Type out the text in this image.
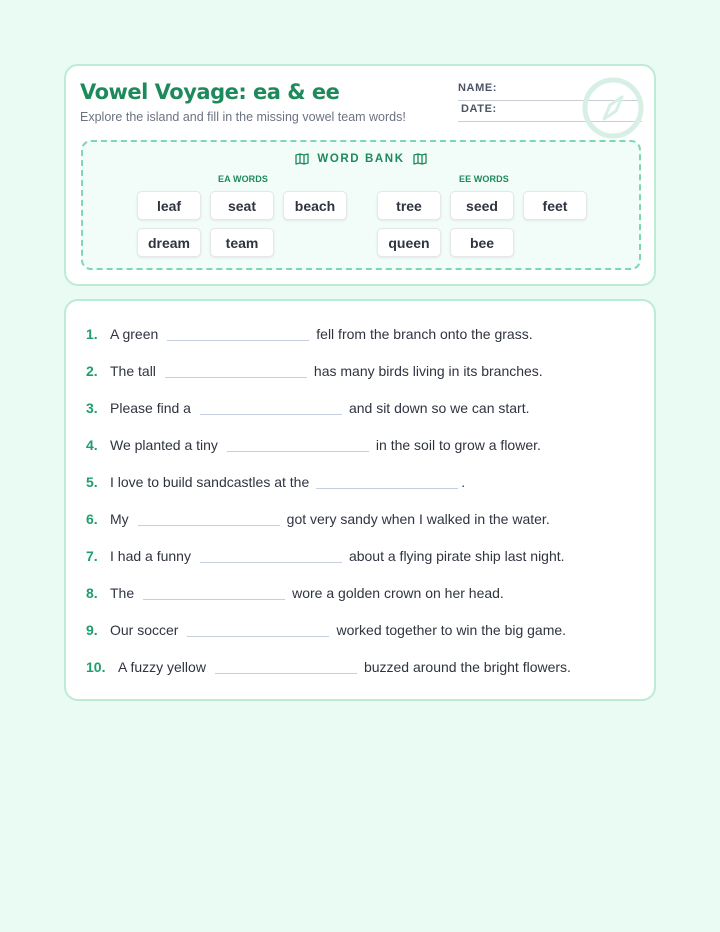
Vowel Voyage: ea & ee
Explore the island and fill in the missing vowel team words!
NAME:
DATE:
WORD BANK
EA WORDS	EE WORDS
leaf	seat	beach
dream	team
tree	seed	feet
queen	bee
1. A green	fell from the branch onto the grass.
2. The tall	has many birds living in its branches.
3. Please find a	and sit down so we can start.
4. We planted a tiny	in the soil to grow a flower.
5. I love to build sandcastles at the	.
6. My	got very sandy when I walked in the water.
7. I had a funny	about a flying pirate ship last night.
8. The	wore a golden crown on her head.
9. Our soccer	worked together to win the big game.
10. A fuzzy yellow	buzzed around the bright flowers.
